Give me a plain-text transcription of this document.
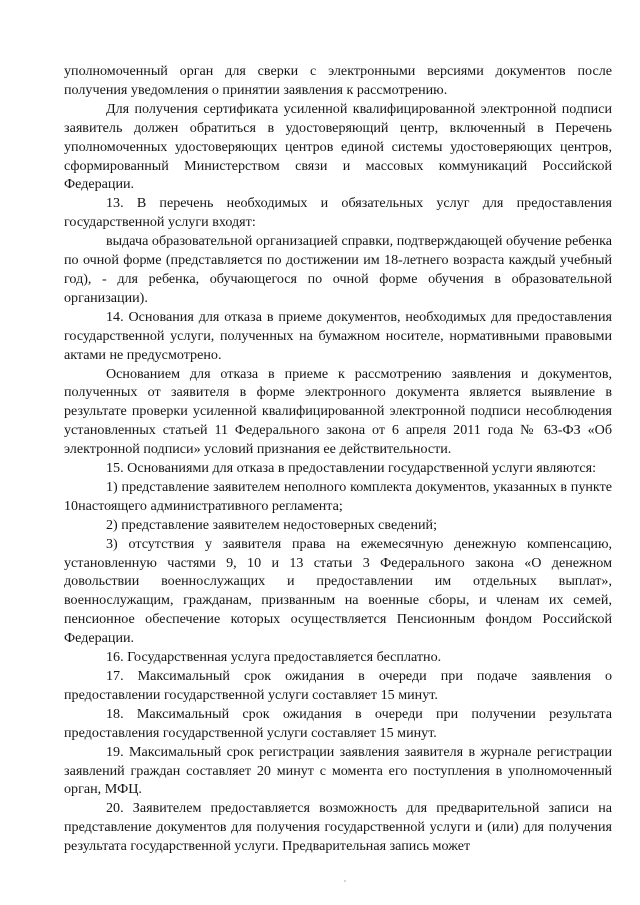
уполномоченный орган для сверки с электронными версиями документов после получения уведомления о принятии заявления к рассмотрению.

Для получения сертификата усиленной квалифицированной электронной подписи заявитель должен обратиться в удостоверяющий центр, включенный в Перечень уполномоченных удостоверяющих центров единой системы удостоверяющих центров, сформированный Министерством связи и массовых коммуникаций Российской Федерации.

13. В перечень необходимых и обязательных услуг для предоставления государственной услуги входят:

выдача образовательной организацией справки, подтверждающей обучение ребенка по очной форме (представляется по достижении им 18-летнего возраста каждый учебный год), - для ребенка, обучающегося по очной форме обучения в образовательной организации).

14. Основания для отказа в приеме документов, необходимых для предоставления государственной услуги, полученных на бумажном носителе, нормативными правовыми актами не предусмотрено.

Основанием для отказа в приеме к рассмотрению заявления и документов, полученных от заявителя в форме электронного документа является выявление в результате проверки усиленной квалифицированной электронной подписи несоблюдения установленных статьей 11 Федерального закона от 6 апреля 2011 года № 63-ФЗ «Об электронной подписи» условий признания ее действительности.

15. Основаниями для отказа в предоставлении государственной услуги являются:

1) представление заявителем неполного комплекта документов, указанных в пункте 10настоящего административного регламента;

2) представление заявителем недостоверных сведений;

3) отсутствия у заявителя права на ежемесячную денежную компенсацию, установленную частями 9, 10 и 13 статьи 3 Федерального закона «О денежном довольствии военнослужащих и предоставлении им отдельных выплат», военнослужащим, гражданам, призванным на военные сборы, и членам их семей, пенсионное обеспечение которых осуществляется Пенсионным фондом Российской Федерации.

16. Государственная услуга предоставляется бесплатно.

17. Максимальный срок ожидания в очереди при подаче заявления о предоставлении государственной услуги составляет 15 минут.

18. Максимальный срок ожидания в очереди при получении результата предоставления государственной услуги составляет 15 минут.

19. Максимальный срок регистрации заявления заявителя в журнале регистрации заявлений граждан составляет 20 минут с момента его поступления в уполномоченный орган, МФЦ.

20. Заявителем предоставляется возможность для предварительной записи на представление документов для получения государственной услуги и (или) для получения результата государственной услуги. Предварительная запись может
